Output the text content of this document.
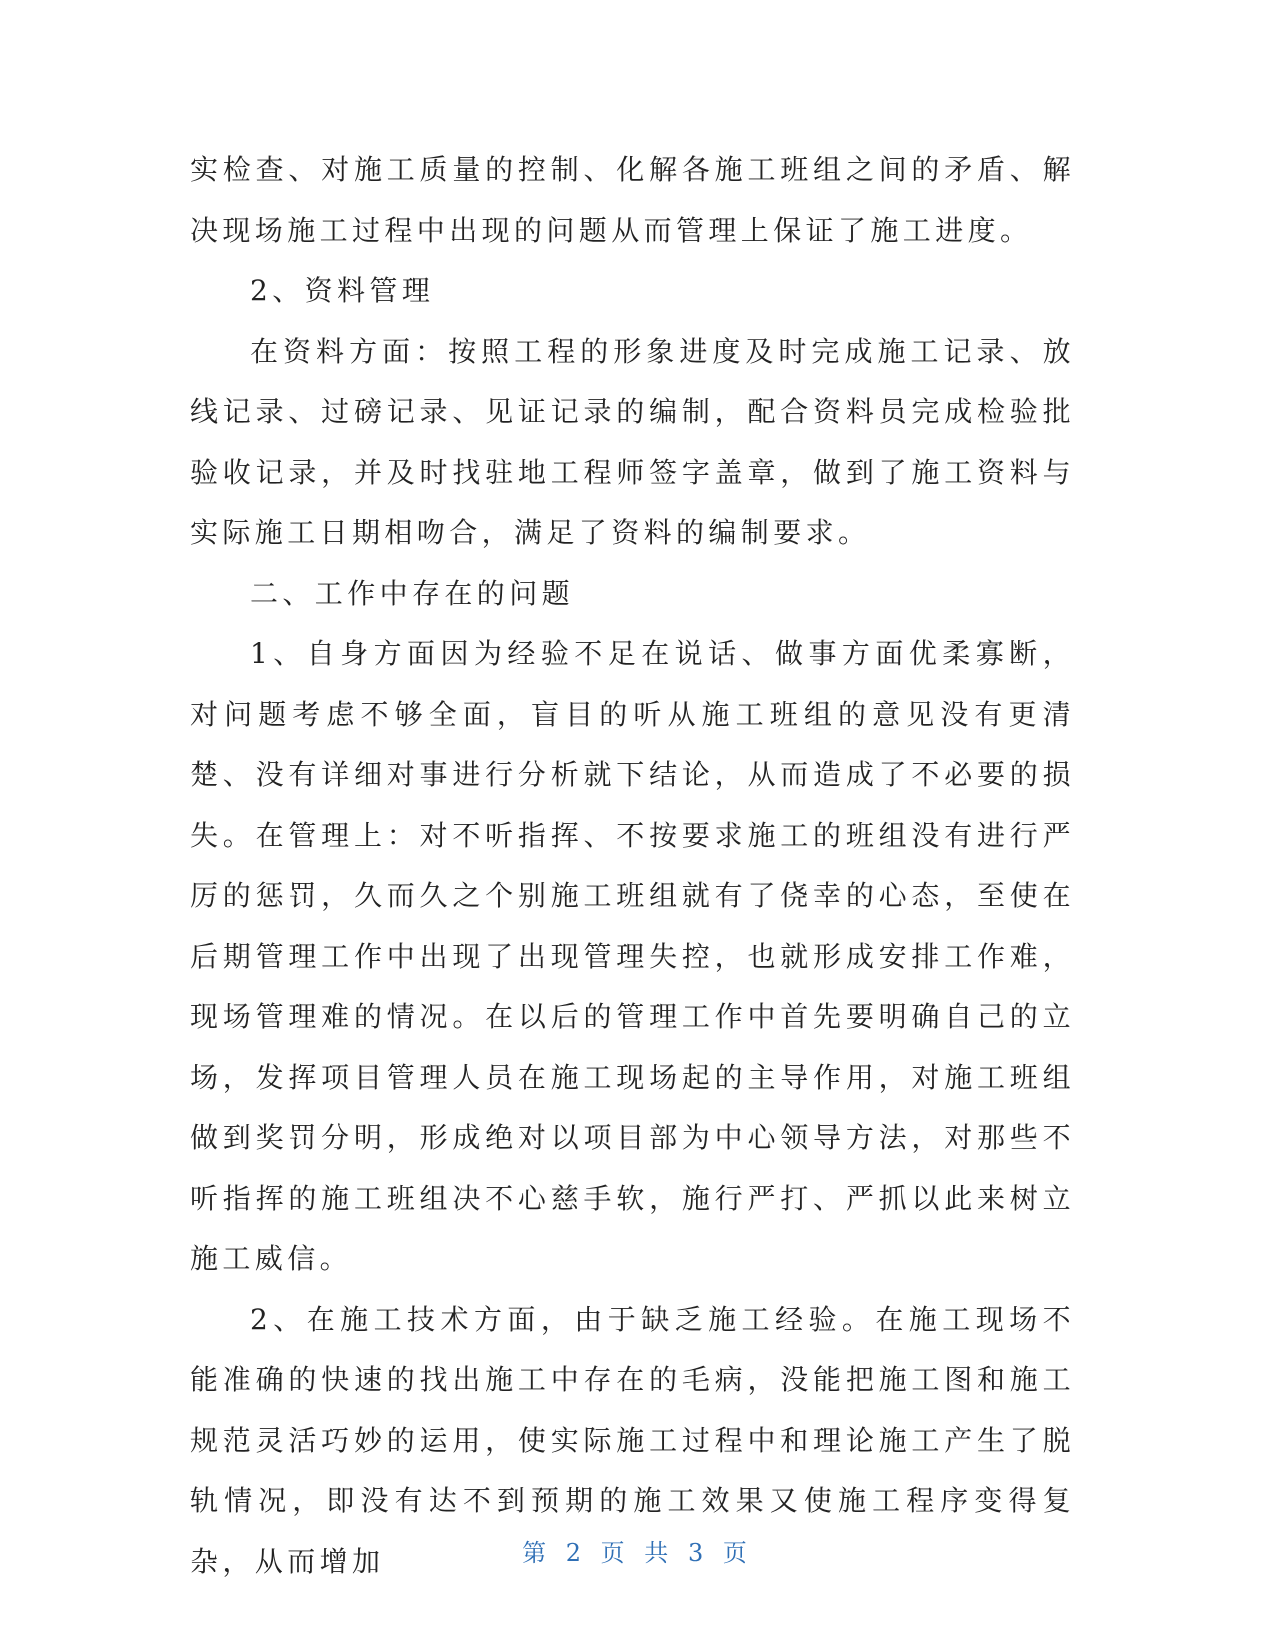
实检查、对施工质量的控制、化解各施工班组之间的矛盾、解决现场施工过程中出现的问题从而管理上保证了施工进度。

2、资料管理

在资料方面：按照工程的形象进度及时完成施工记录、放线记录、过磅记录、见证记录的编制，配合资料员完成检验批验收记录，并及时找驻地工程师签字盖章，做到了施工资料与实际施工日期相吻合，满足了资料的编制要求。

二、工作中存在的问题

1、自身方面因为经验不足在说话、做事方面优柔寡断，对问题考虑不够全面，盲目的听从施工班组的意见没有更清楚、没有详细对事进行分析就下结论，从而造成了不必要的损失。在管理上：对不听指挥、不按要求施工的班组没有进行严厉的惩罚，久而久之个别施工班组就有了侥幸的心态，至使在后期管理工作中出现了出现管理失控，也就形成安排工作难，现场管理难的情况。在以后的管理工作中首先要明确自己的立场，发挥项目管理人员在施工现场起的主导作用，对施工班组做到奖罚分明，形成绝对以项目部为中心领导方法，对那些不听指挥的施工班组决不心慈手软，施行严打、严抓以此来树立施工威信。

2、在施工技术方面，由于缺乏施工经验。在施工现场不能准确的快速的找出施工中存在的毛病，没能把施工图和施工规范灵活巧妙的运用，使实际施工过程中和理论施工产生了脱轨情况，即没有达不到预期的施工效果又使施工程序变得复杂，从而增加	第 2 页 共 3 页
